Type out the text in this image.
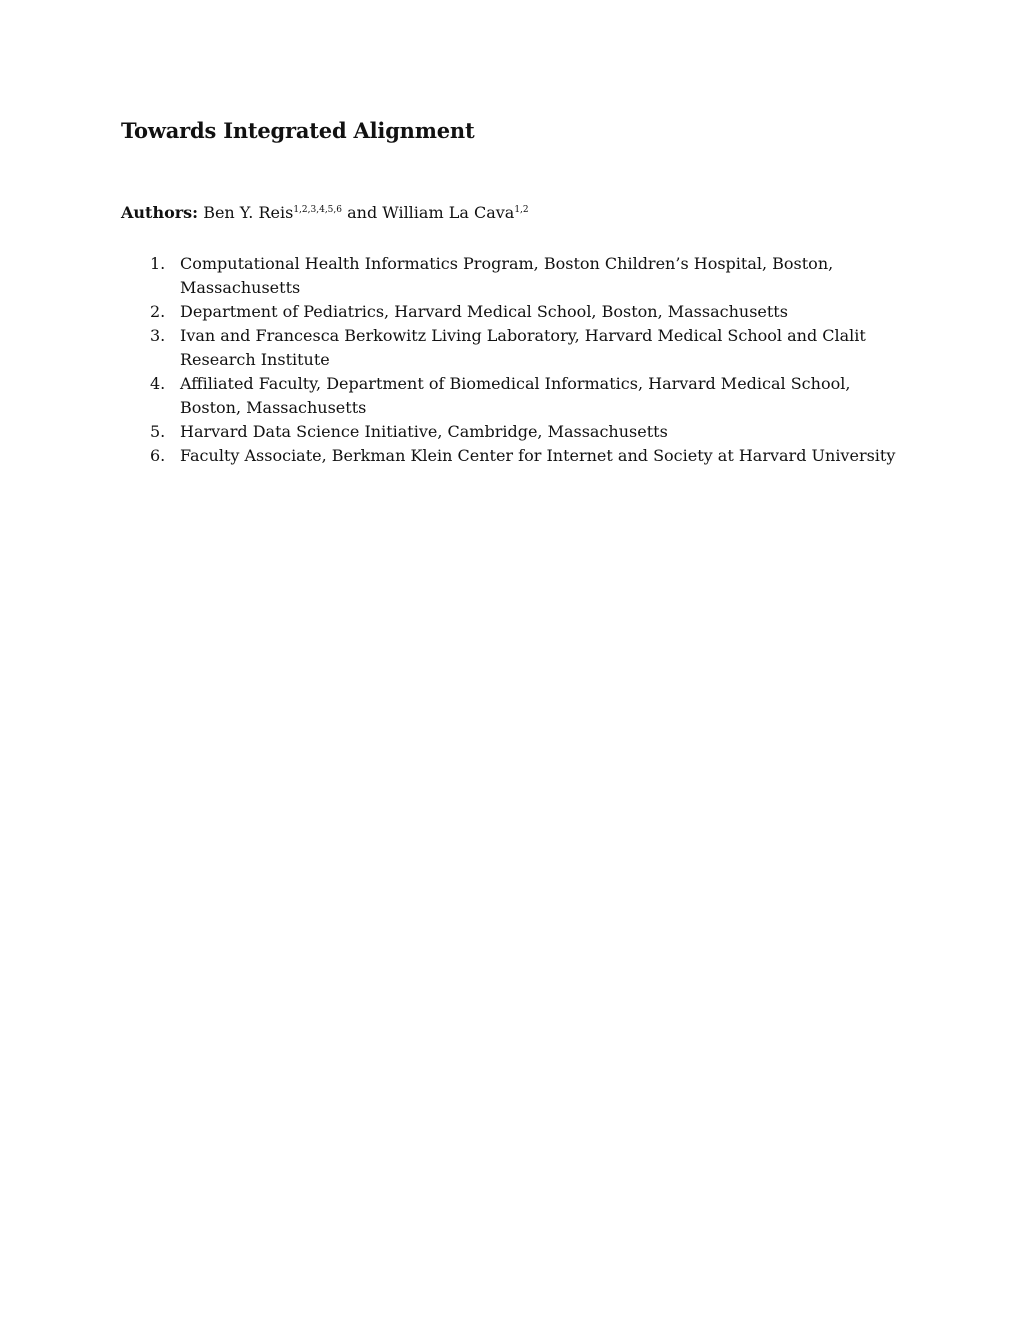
Towards Integrated Alignment

Authors: Ben Y. Reis$^{1,2,3,4,5,6}$ and William La Cava$^{1,2}$

1. Computational Health Informatics Program, Boston Children’s Hospital, Boston, Massachusetts
2. Department of Pediatrics, Harvard Medical School, Boston, Massachusetts
3. Ivan and Francesca Berkowitz Living Laboratory, Harvard Medical School and Clalit Research Institute
4. Affiliated Faculty, Department of Biomedical Informatics, Harvard Medical School, Boston, Massachusetts
5. Harvard Data Science Initiative, Cambridge, Massachusetts
6. Faculty Associate, Berkman Klein Center for Internet and Society at Harvard University
